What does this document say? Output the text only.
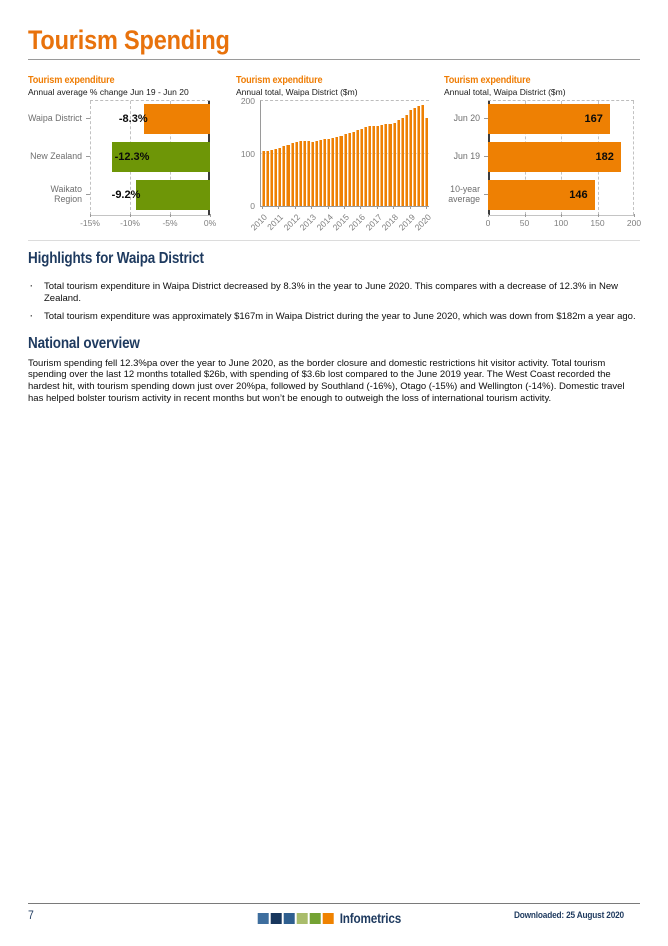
Tourism Spending
Tourism expenditure
Annual average % change Jun 19 - Jun 20
-8.3%
-12.3%
-9.2%
-15%	-10%	-5%	0%
Waipa District
New Zealand
Waikato Region
Tourism expenditure
Annual total, Waipa District ($m)
0
100
200
2010
2011
2012
2013
2014
2015
2016
2017
2018
2019
2020
Tourism expenditure
Annual total, Waipa District ($m)
167
182
146
0	50	100	150	200
Jun 20
Jun 19
10-year average
Highlights for Waipa District
·	Total tourism expenditure in Waipa District decreased by 8.3% in the year to June 2020. This compares with a decrease of 12.3% in New Zealand.
·	Total tourism expenditure was approximately $167m in Waipa District during the year to June 2020, which was down from $182m a year ago.
National overview
Tourism spending fell 12.3%pa over the year to June 2020, as the border closure and domestic restrictions hit visitor activity. Total tourism spending over the last 12 months totalled $26b, with spending of $3.6b lost compared to the June 2019 year. The West Coast recorded the hardest hit, with tourism spending down just over 20%pa, followed by Southland (-16%), Otago (-15%) and Wellington (-14%). Domestic travel has helped bolster tourism activity in recent months but won’t be enough to outweigh the loss of international tourism activity.
7	Infometrics	Downloaded: 25 August 2020
